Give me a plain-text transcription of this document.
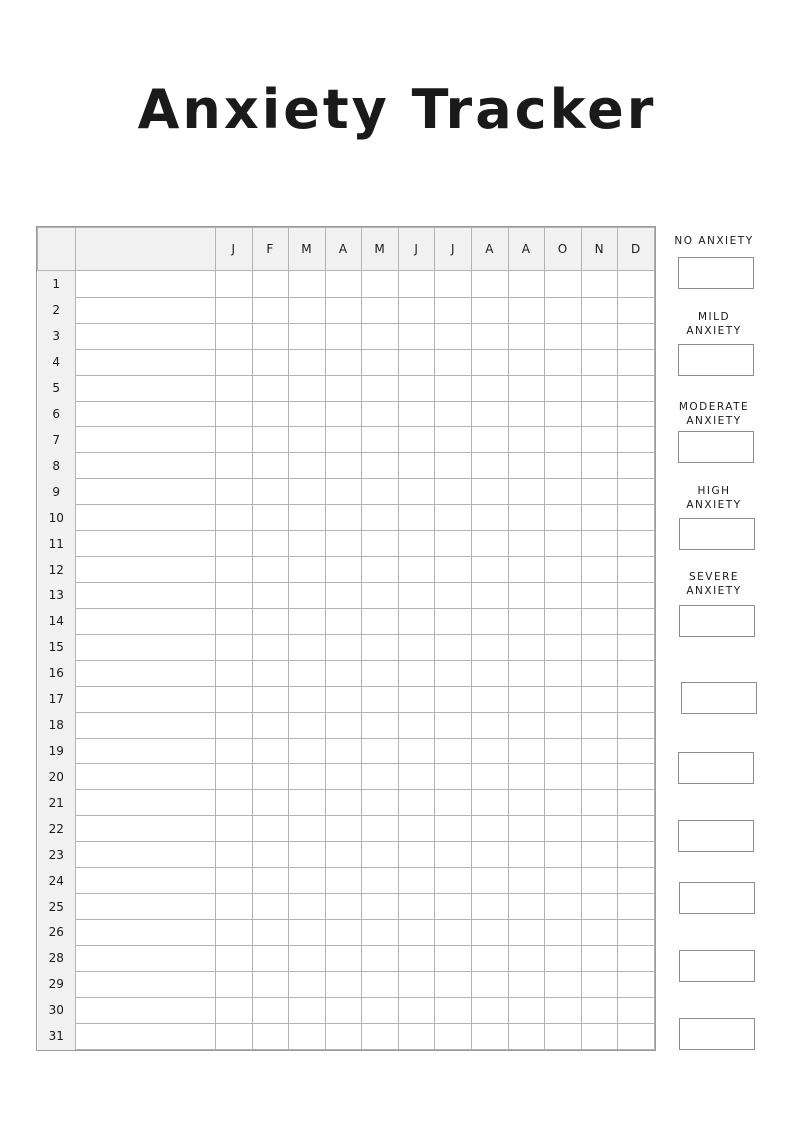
Anxiety Tracker
		J	F	M	A	M	J	J	A	A	O	N	D
1													
2													
3													
4													
5													
6													
7													
8													
9													
10													
11													
12													
13													
14													
15													
16													
17													
18													
19													
20													
21													
22													
23													
24													
25													
26													
28													
29													
30													
31													
NO ANXIETY
MILD
ANXIETY
MODERATE
ANXIETY
HIGH
ANXIETY
SEVERE
ANXIETY
